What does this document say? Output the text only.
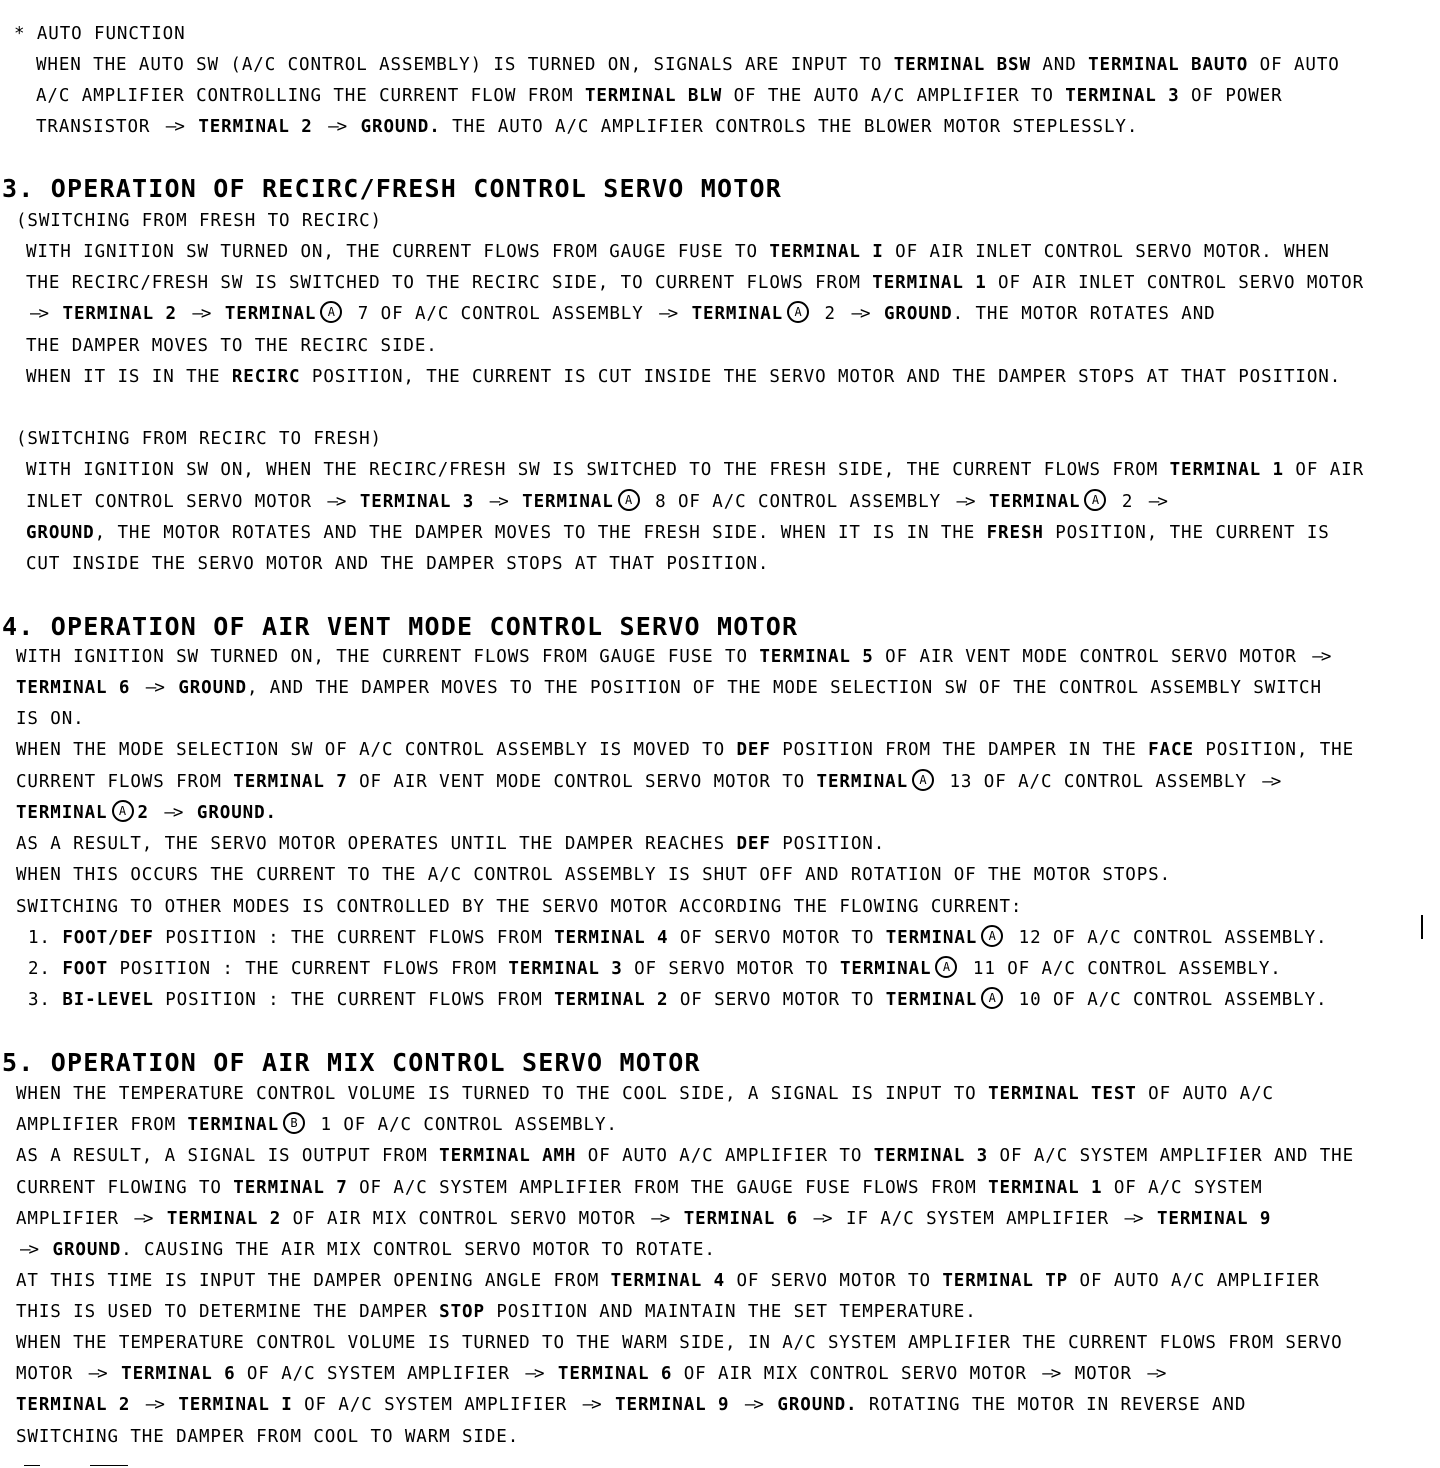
* AUTO FUNCTION
WHEN THE AUTO SW (A/C CONTROL ASSEMBLY) IS TURNED ON, SIGNALS ARE INPUT TO TERMINAL BSW AND TERMINAL BAUTO OF AUTO
A/C AMPLIFIER CONTROLLING THE CURRENT FLOW FROM TERMINAL BLW OF THE AUTO A/C AMPLIFIER TO TERMINAL 3 OF POWER
TRANSISTOR —> TERMINAL 2 —> GROUND. THE AUTO A/C AMPLIFIER CONTROLS THE BLOWER MOTOR STEPLESSLY.
3. OPERATION OF RECIRC/FRESH CONTROL SERVO MOTOR
(SWITCHING FROM FRESH TO RECIRC)
WITH IGNITION SW TURNED ON, THE CURRENT FLOWS FROM GAUGE FUSE TO TERMINAL I OF AIR INLET CONTROL SERVO MOTOR. WHEN
THE RECIRC/FRESH SW IS SWITCHED TO THE RECIRC SIDE, TO CURRENT FLOWS FROM TERMINAL 1 OF AIR INLET CONTROL SERVO MOTOR
—> TERMINAL 2 —> TERMINAL A 7 OF A/C CONTROL ASSEMBLY —> TERMINAL A 2 —> GROUND. THE MOTOR ROTATES AND
THE DAMPER MOVES TO THE RECIRC SIDE.
WHEN IT IS IN THE RECIRC POSITION, THE CURRENT IS CUT INSIDE THE SERVO MOTOR AND THE DAMPER STOPS AT THAT POSITION.
(SWITCHING FROM RECIRC TO FRESH)
WITH IGNITION SW ON, WHEN THE RECIRC/FRESH SW IS SWITCHED TO THE FRESH SIDE, THE CURRENT FLOWS FROM TERMINAL 1 OF AIR
INLET CONTROL SERVO MOTOR —> TERMINAL 3 —> TERMINAL A 8 OF A/C CONTROL ASSEMBLY —> TERMINAL A 2 —>
GROUND, THE MOTOR ROTATES AND THE DAMPER MOVES TO THE FRESH SIDE. WHEN IT IS IN THE FRESH POSITION, THE CURRENT IS
CUT INSIDE THE SERVO MOTOR AND THE DAMPER STOPS AT THAT POSITION.
4. OPERATION OF AIR VENT MODE CONTROL SERVO MOTOR
WITH IGNITION SW TURNED ON, THE CURRENT FLOWS FROM GAUGE FUSE TO TERMINAL 5 OF AIR VENT MODE CONTROL SERVO MOTOR —>
TERMINAL 6 —> GROUND, AND THE DAMPER MOVES TO THE POSITION OF THE MODE SELECTION SW OF THE CONTROL ASSEMBLY SWITCH
IS ON.
WHEN THE MODE SELECTION SW OF A/C CONTROL ASSEMBLY IS MOVED TO DEF POSITION FROM THE DAMPER IN THE FACE POSITION, THE
CURRENT FLOWS FROM TERMINAL 7 OF AIR VENT MODE CONTROL SERVO MOTOR TO TERMINAL A 13 OF A/C CONTROL ASSEMBLY —>
TERMINAL A 2 —> GROUND.
AS A RESULT, THE SERVO MOTOR OPERATES UNTIL THE DAMPER REACHES DEF POSITION.
WHEN THIS OCCURS THE CURRENT TO THE A/C CONTROL ASSEMBLY IS SHUT OFF AND ROTATION OF THE MOTOR STOPS.
SWITCHING TO OTHER MODES IS CONTROLLED BY THE SERVO MOTOR ACCORDING THE FLOWING CURRENT:
1. FOOT/DEF POSITION : THE CURRENT FLOWS FROM TERMINAL 4 OF SERVO MOTOR TO TERMINAL A 12 OF A/C CONTROL ASSEMBLY.
2. FOOT POSITION : THE CURRENT FLOWS FROM TERMINAL 3 OF SERVO MOTOR TO TERMINAL A 11 OF A/C CONTROL ASSEMBLY.
3. BI-LEVEL POSITION : THE CURRENT FLOWS FROM TERMINAL 2 OF SERVO MOTOR TO TERMINAL A 10 OF A/C CONTROL ASSEMBLY.
5. OPERATION OF AIR MIX CONTROL SERVO MOTOR
WHEN THE TEMPERATURE CONTROL VOLUME IS TURNED TO THE COOL SIDE, A SIGNAL IS INPUT TO TERMINAL TEST OF AUTO A/C
AMPLIFIER FROM TERMINAL B 1 OF A/C CONTROL ASSEMBLY.
AS A RESULT, A SIGNAL IS OUTPUT FROM TERMINAL AMH OF AUTO A/C AMPLIFIER TO TERMINAL 3 OF A/C SYSTEM AMPLIFIER AND THE
CURRENT FLOWING TO TERMINAL 7 OF A/C SYSTEM AMPLIFIER FROM THE GAUGE FUSE FLOWS FROM TERMINAL 1 OF A/C SYSTEM
AMPLIFIER —> TERMINAL 2 OF AIR MIX CONTROL SERVO MOTOR —> TERMINAL 6 —> IF A/C SYSTEM AMPLIFIER —> TERMINAL 9
—> GROUND. CAUSING THE AIR MIX CONTROL SERVO MOTOR TO ROTATE.
AT THIS TIME IS INPUT THE DAMPER OPENING ANGLE FROM TERMINAL 4 OF SERVO MOTOR TO TERMINAL TP OF AUTO A/C AMPLIFIER
THIS IS USED TO DETERMINE THE DAMPER STOP POSITION AND MAINTAIN THE SET TEMPERATURE.
WHEN THE TEMPERATURE CONTROL VOLUME IS TURNED TO THE WARM SIDE, IN A/C SYSTEM AMPLIFIER THE CURRENT FLOWS FROM SERVO
MOTOR —> TERMINAL 6 OF A/C SYSTEM AMPLIFIER —> TERMINAL 6 OF AIR MIX CONTROL SERVO MOTOR —> MOTOR —>
TERMINAL 2 —> TERMINAL I OF A/C SYSTEM AMPLIFIER —> TERMINAL 9 —> GROUND. ROTATING THE MOTOR IN REVERSE AND
SWITCHING THE DAMPER FROM COOL TO WARM SIDE.
